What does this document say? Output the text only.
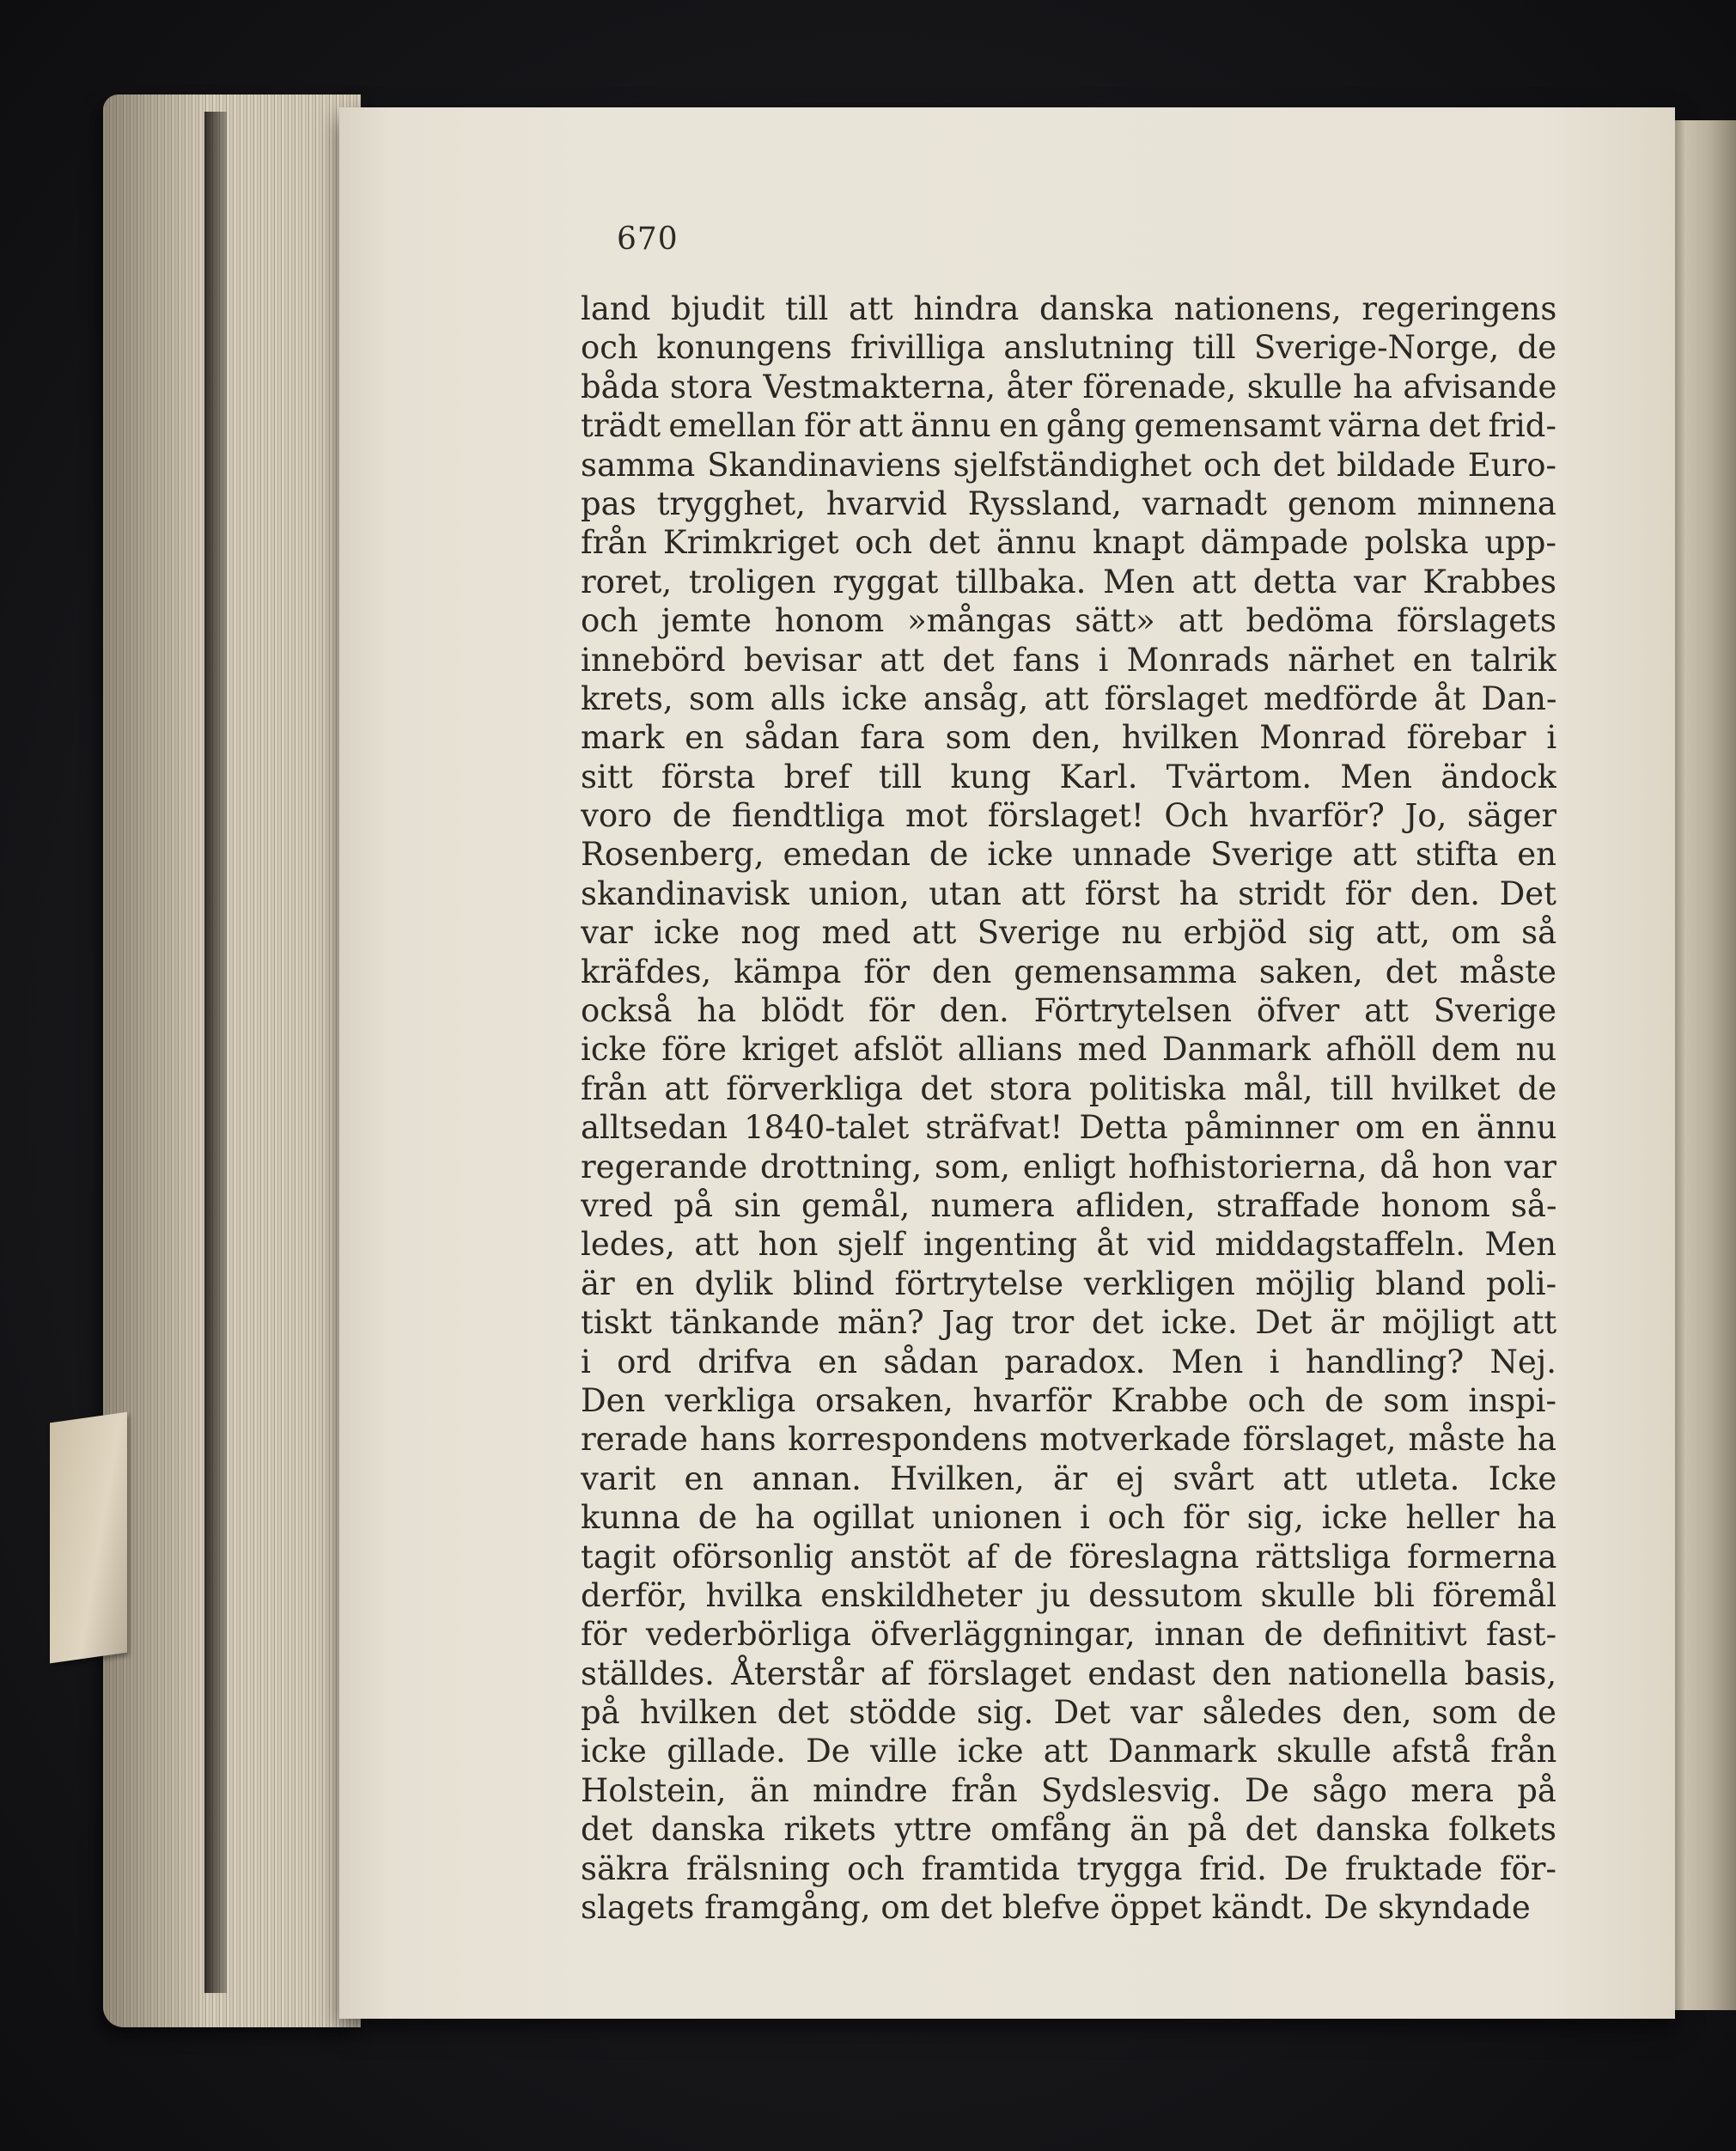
670
land bjudit till att hindra danska nationens, regeringens
och konungens frivilliga anslutning till Sverige-Norge, de
båda stora Vestmakterna, åter förenade, skulle ha afvisande
trädt emellan för att ännu en gång gemensamt värna det frid-
samma Skandinaviens sjelfständighet och det bildade Euro-
pas trygghet, hvarvid Ryssland, varnadt genom minnena
från Krimkriget och det ännu knapt dämpade polska upp-
roret, troligen ryggat tillbaka. Men att detta var Krabbes
och jemte honom »mångas sätt» att bedöma förslagets
innebörd bevisar att det fans i Monrads närhet en talrik
krets, som alls icke ansåg, att förslaget medförde åt Dan-
mark en sådan fara som den, hvilken Monrad förebar i
sitt första bref till kung Karl. Tvärtom. Men ändock
voro de fiendtliga mot förslaget! Och hvarför? Jo, säger
Rosenberg, emedan de icke unnade Sverige att stifta en
skandinavisk union, utan att först ha stridt för den. Det
var icke nog med att Sverige nu erbjöd sig att, om så
kräfdes, kämpa för den gemensamma saken, det måste
också ha blödt för den. Förtrytelsen öfver att Sverige
icke före kriget afslöt allians med Danmark afhöll dem nu
från att förverkliga det stora politiska mål, till hvilket de
alltsedan 1840-talet sträfvat! Detta påminner om en ännu
regerande drottning, som, enligt hofhistorierna, då hon var
vred på sin gemål, numera afliden, straffade honom så-
ledes, att hon sjelf ingenting åt vid middagstaffeln. Men
är en dylik blind förtrytelse verkligen möjlig bland poli-
tiskt tänkande män? Jag tror det icke. Det är möjligt att
i ord drifva en sådan paradox. Men i handling? Nej.
Den verkliga orsaken, hvarför Krabbe och de som inspi-
rerade hans korrespondens motverkade förslaget, måste ha
varit en annan. Hvilken, är ej svårt att utleta. Icke
kunna de ha ogillat unionen i och för sig, icke heller ha
tagit oförsonlig anstöt af de föreslagna rättsliga formerna
derför, hvilka enskildheter ju dessutom skulle bli föremål
för vederbörliga öfverläggningar, innan de definitivt fast-
ställdes. Återstår af förslaget endast den nationella basis,
på hvilken det stödde sig. Det var således den, som de
icke gillade. De ville icke att Danmark skulle afstå från
Holstein, än mindre från Sydslesvig. De sågo mera på
det danska rikets yttre omfång än på det danska folkets
säkra frälsning och framtida trygga frid. De fruktade för-
slagets framgång, om det blefve öppet kändt. De skyndade
